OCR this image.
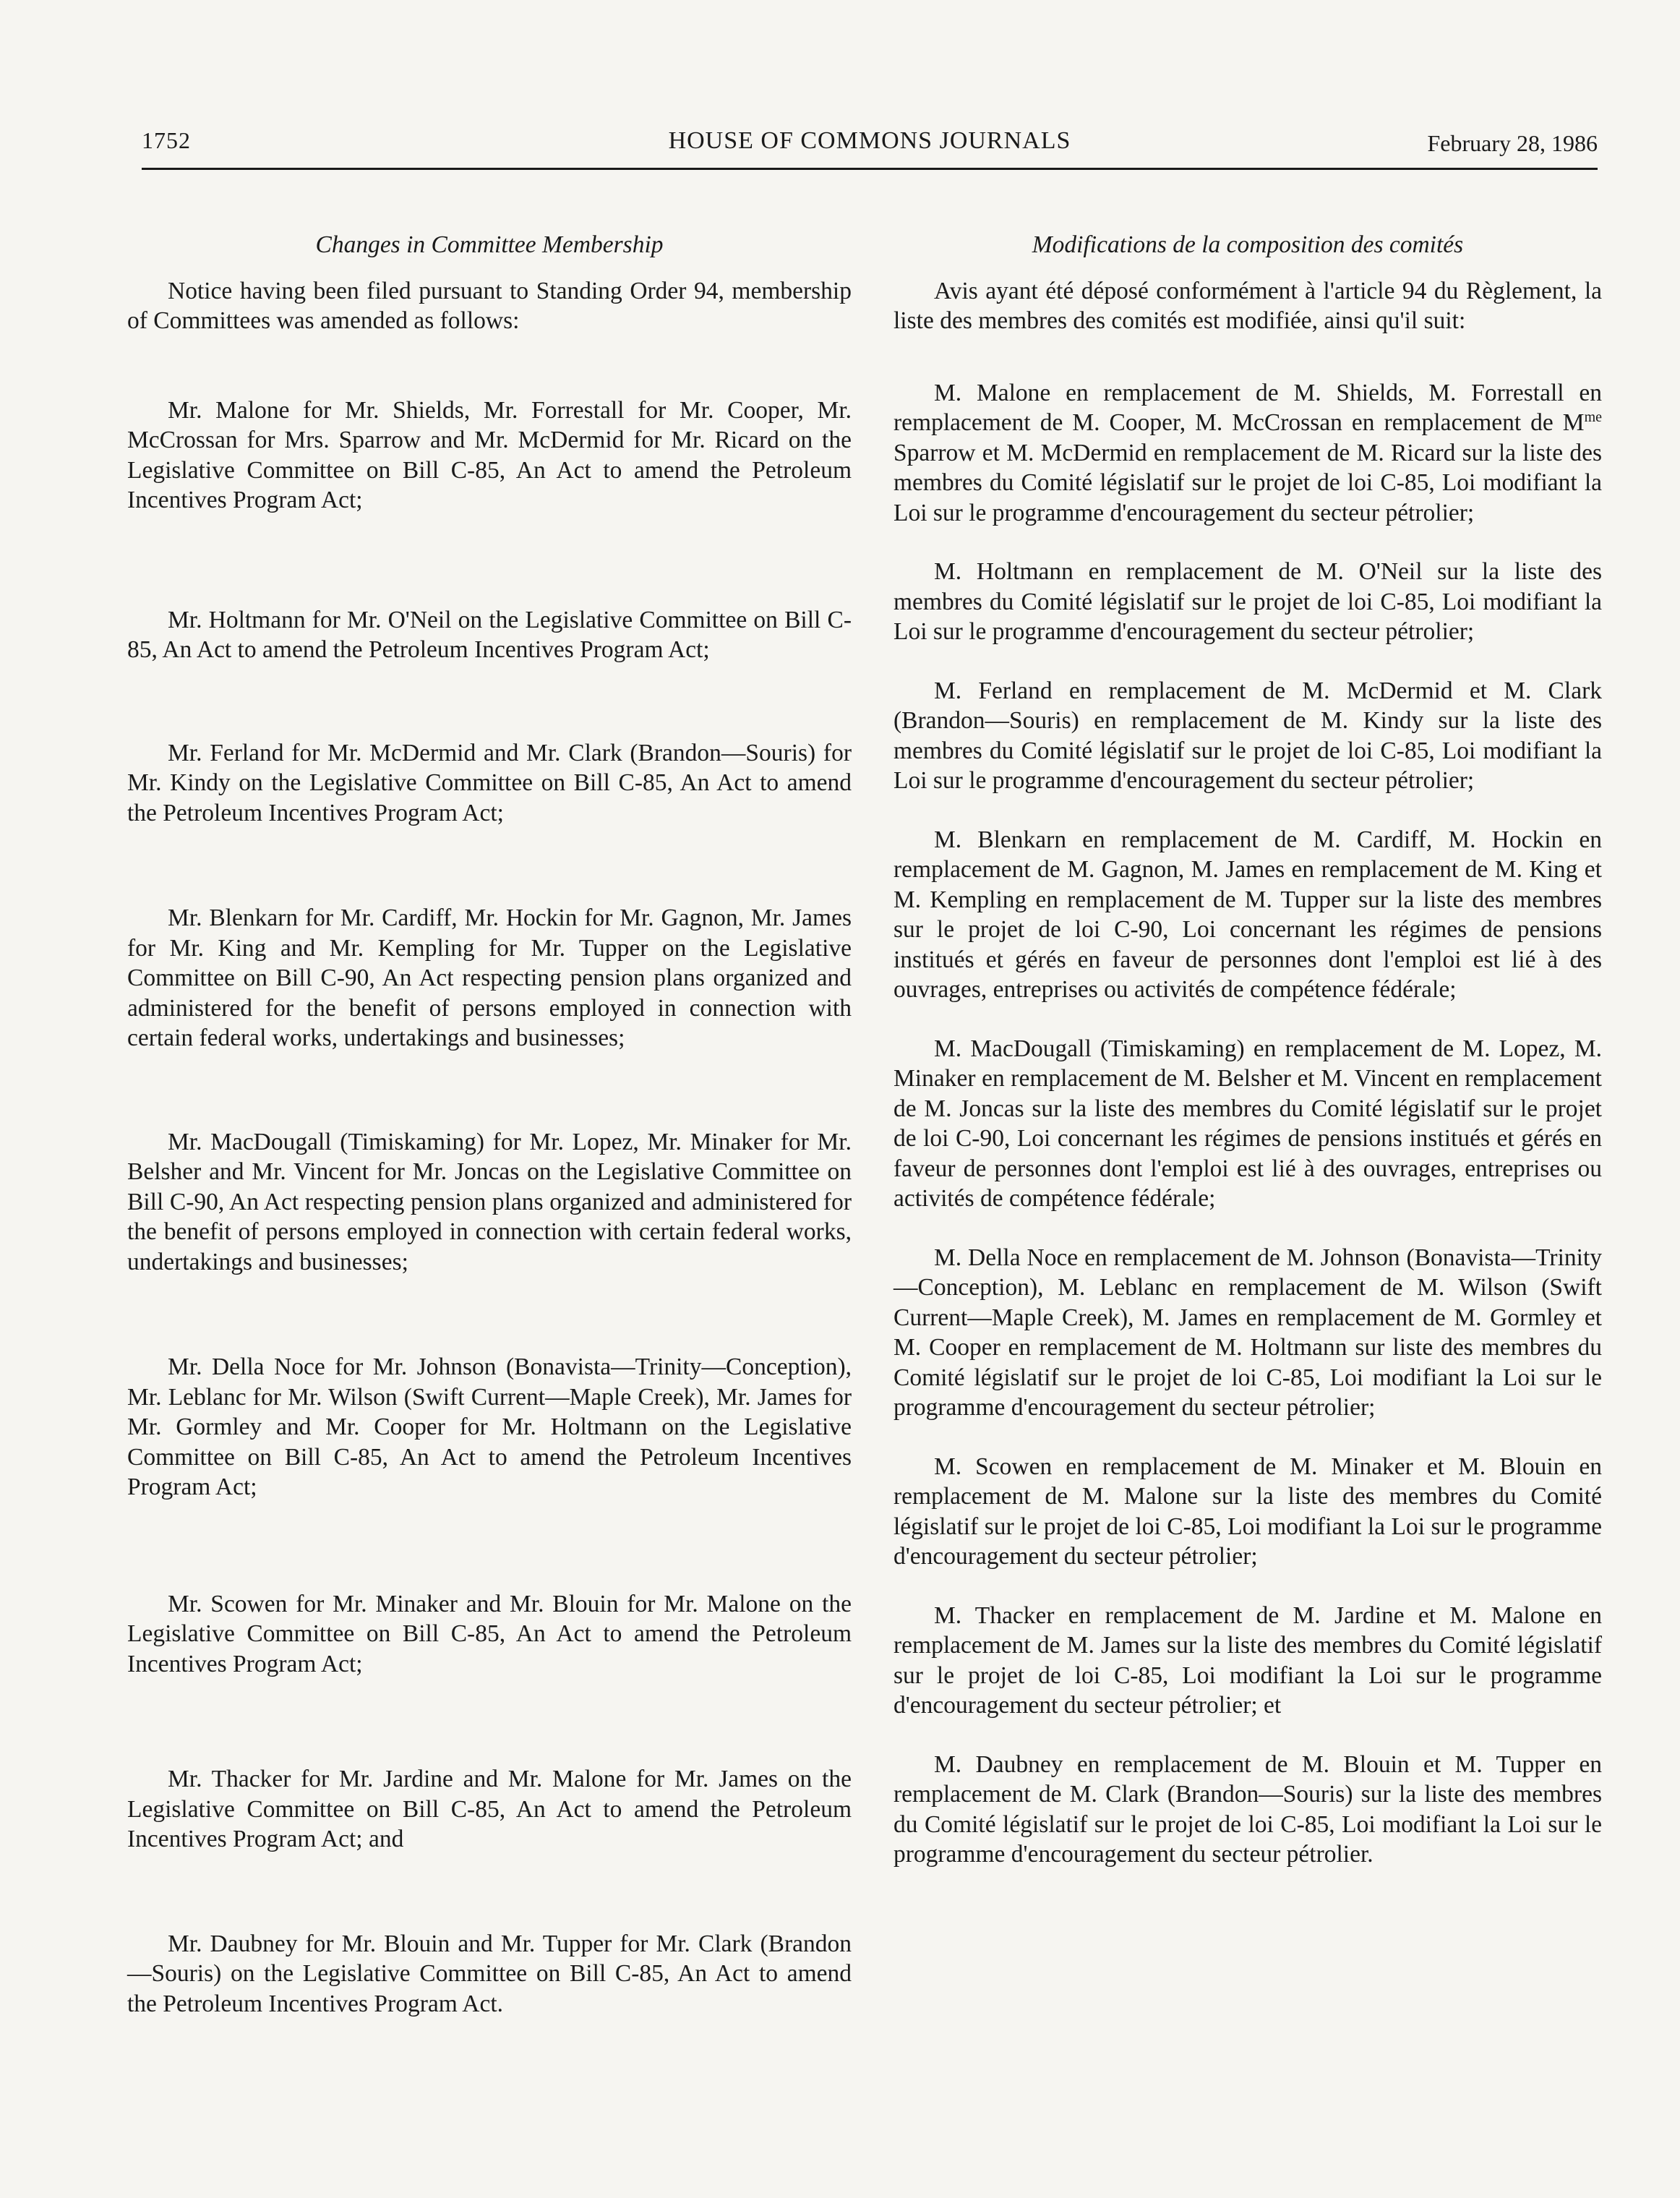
1752	HOUSE OF COMMONS JOURNALS	February 28, 1986
Changes in Committee Membership

Notice having been filed pursuant to Standing Order 94, membership of Committees was amended as follows:

Mr. Malone for Mr. Shields, Mr. Forrestall for Mr. Cooper, Mr. McCrossan for Mrs. Sparrow and Mr. McDermid for Mr. Ricard on the Legislative Committee on Bill C-85, An Act to amend the Petroleum Incentives Program Act;

Mr. Holtmann for Mr. O'Neil on the Legislative Committee on Bill C-85, An Act to amend the Petroleum Incentives Program Act;

Mr. Ferland for Mr. McDermid and Mr. Clark (Brandon—Souris) for Mr. Kindy on the Legislative Committee on Bill C-85, An Act to amend the Petroleum Incentives Program Act;

Mr. Blenkarn for Mr. Cardiff, Mr. Hockin for Mr. Gagnon, Mr. James for Mr. King and Mr. Kempling for Mr. Tupper on the Legislative Committee on Bill C-90, An Act respecting pension plans organized and administered for the benefit of persons employed in connection with certain federal works, undertakings and businesses;

Mr. MacDougall (Timiskaming) for Mr. Lopez, Mr. Minaker for Mr. Belsher and Mr. Vincent for Mr. Joncas on the Legislative Committee on Bill C-90, An Act respecting pension plans organized and administered for the benefit of persons employed in connection with certain federal works, undertakings and businesses;

Mr. Della Noce for Mr. Johnson (Bonavista—Trinity—Conception), Mr. Leblanc for Mr. Wilson (Swift Current—Maple Creek), Mr. James for Mr. Gormley and Mr. Cooper for Mr. Holtmann on the Legislative Committee on Bill C-85, An Act to amend the Petroleum Incentives Program Act;

Mr. Scowen for Mr. Minaker and Mr. Blouin for Mr. Malone on the Legislative Committee on Bill C-85, An Act to amend the Petroleum Incentives Program Act;

Mr. Thacker for Mr. Jardine and Mr. Malone for Mr. James on the Legislative Committee on Bill C-85, An Act to amend the Petroleum Incentives Program Act; and

Mr. Daubney for Mr. Blouin and Mr. Tupper for Mr. Clark (Brandon—Souris) on the Legislative Committee on Bill C-85, An Act to amend the Petroleum Incentives Program Act.

Modifications de la composition des comités

Avis ayant été déposé conformément à l'article 94 du Règlement, la liste des membres des comités est modifiée, ainsi qu'il suit:

M. Malone en remplacement de M. Shields, M. Forrestall en remplacement de M. Cooper, M. McCrossan en remplacement de $M^{me}$ Sparrow et M. McDermid en remplacement de M. Ricard sur la liste des membres du Comité législatif sur le projet de loi C-85, Loi modifiant la Loi sur le programme d'encouragement du secteur pétrolier;

M. Holtmann en remplacement de M. O'Neil sur la liste des membres du Comité législatif sur le projet de loi C-85, Loi modifiant la Loi sur le programme d'encouragement du secteur pétrolier;

M. Ferland en remplacement de M. McDermid et M. Clark (Brandon—Souris) en remplacement de M. Kindy sur la liste des membres du Comité législatif sur le projet de loi C-85, Loi modifiant la Loi sur le programme d'encouragement du secteur pétrolier;

M. Blenkarn en remplacement de M. Cardiff, M. Hockin en remplacement de M. Gagnon, M. James en remplacement de M. King et M. Kempling en remplacement de M. Tupper sur la liste des membres sur le projet de loi C-90, Loi concernant les régimes de pensions institués et gérés en faveur de personnes dont l'emploi est lié à des ouvrages, entreprises ou activités de compétence fédérale;

M. MacDougall (Timiskaming) en remplacement de M. Lopez, M. Minaker en remplacement de M. Belsher et M. Vincent en remplacement de M. Joncas sur la liste des membres du Comité législatif sur le projet de loi C-90, Loi concernant les régimes de pensions institués et gérés en faveur de personnes dont l'emploi est lié à des ouvrages, entreprises ou activités de compétence fédérale;

M. Della Noce en remplacement de M. Johnson (Bonavista—Trinity—Conception), M. Leblanc en remplacement de M. Wilson (Swift Current—Maple Creek), M. James en remplacement de M. Gormley et M. Cooper en remplacement de M. Holtmann sur liste des membres du Comité législatif sur le projet de loi C-85, Loi modifiant la Loi sur le programme d'encouragement du secteur pétrolier;

M. Scowen en remplacement de M. Minaker et M. Blouin en remplacement de M. Malone sur la liste des membres du Comité législatif sur le projet de loi C-85, Loi modifiant la Loi sur le programme d'encouragement du secteur pétrolier;

M. Thacker en remplacement de M. Jardine et M. Malone en remplacement de M. James sur la liste des membres du Comité législatif sur le projet de loi C-85, Loi modifiant la Loi sur le programme d'encouragement du secteur pétrolier; et

M. Daubney en remplacement de M. Blouin et M. Tupper en remplacement de M. Clark (Brandon—Souris) sur la liste des membres du Comité législatif sur le projet de loi C-85, Loi modifiant la Loi sur le programme d'encouragement du secteur pétrolier.
